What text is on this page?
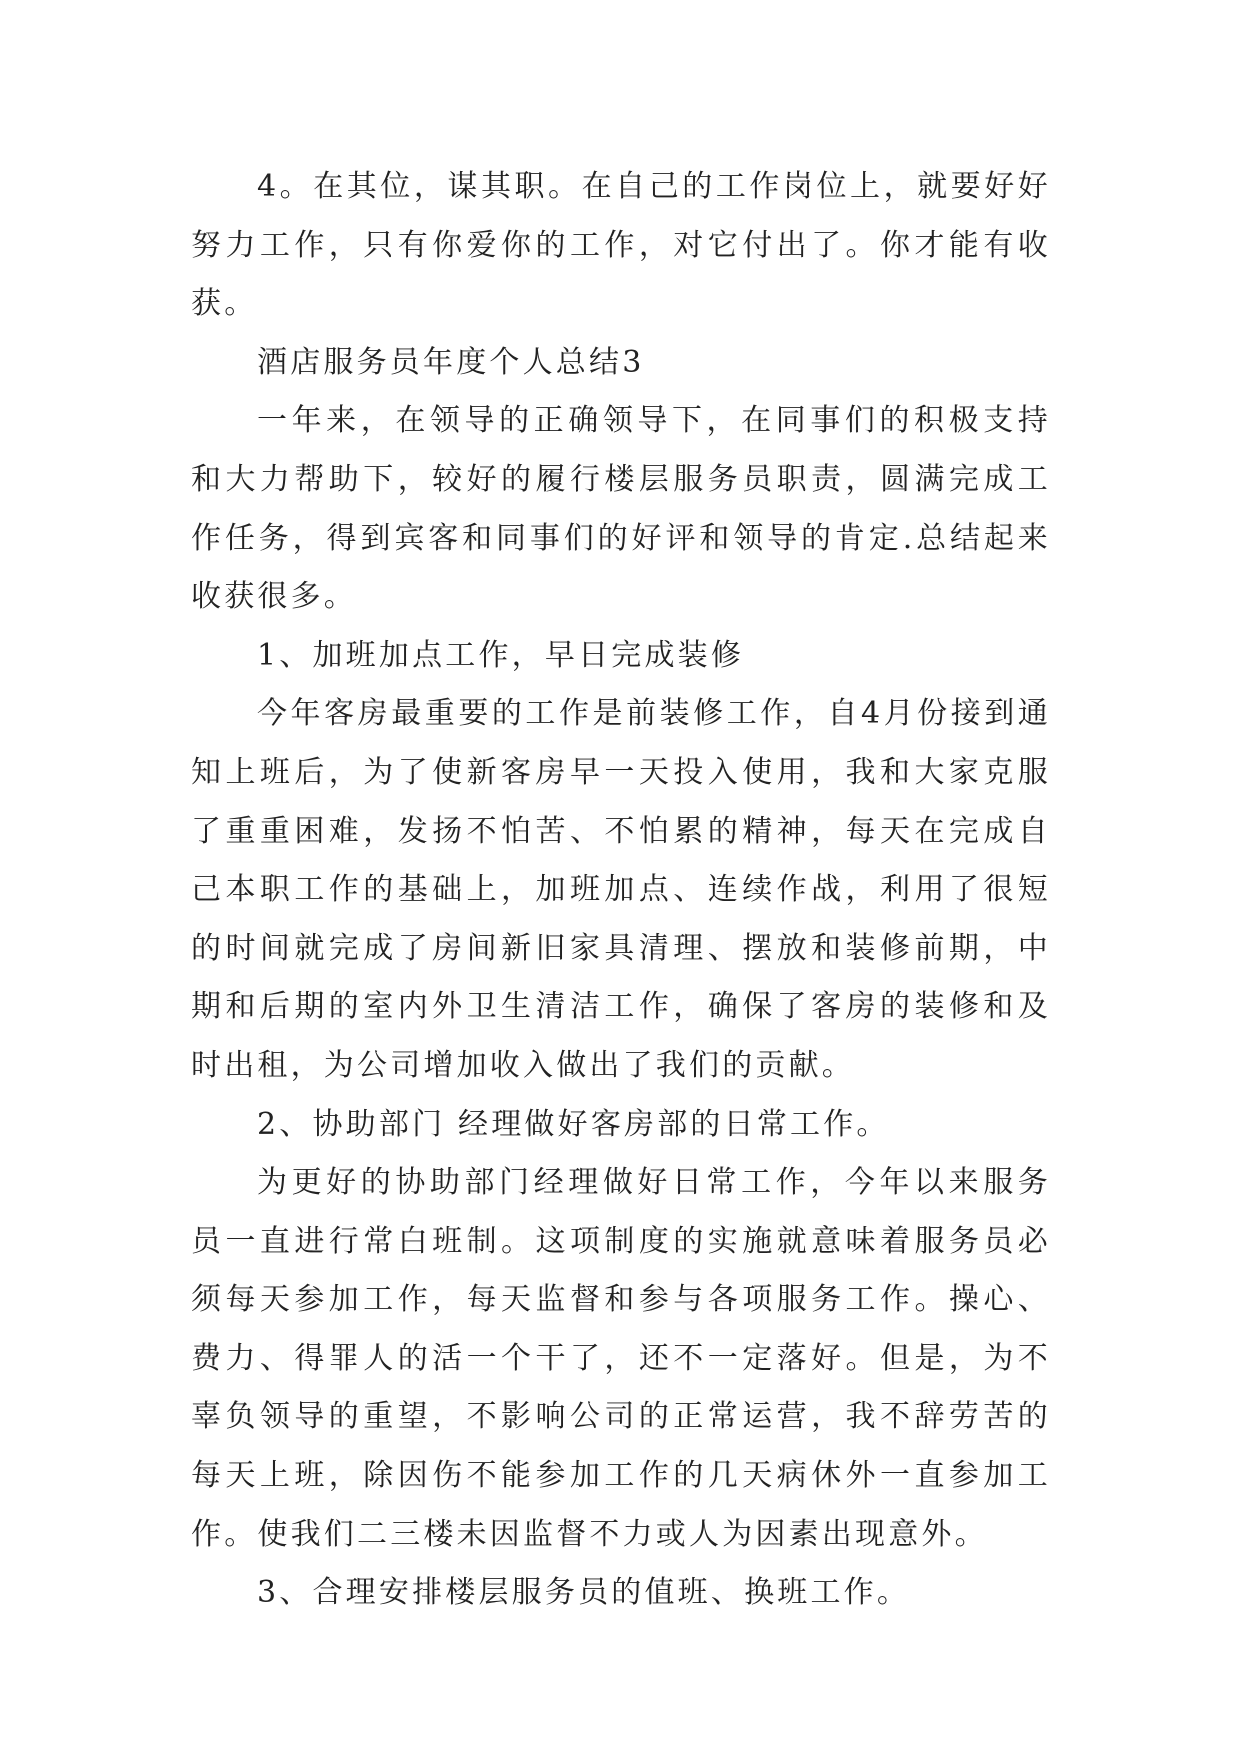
4。在其位，谋其职。在自己的工作岗位上，就要好好努力工作，只有你爱你的工作，对它付出了。你才能有收获。

酒店服务员年度个人总结3

一年来，在领导的正确领导下，在同事们的积极支持和大力帮助下，较好的履行楼层服务员职责，圆满完成工作任务，得到宾客和同事们的好评和领导的肯定.总结起来收获很多。

1、加班加点工作，早日完成装修

今年客房最重要的工作是前装修工作，自4月份接到通知上班后，为了使新客房早一天投入使用，我和大家克服了重重困难，发扬不怕苦、不怕累的精神，每天在完成自己本职工作的基础上，加班加点、连续作战，利用了很短的时间就完成了房间新旧家具清理、摆放和装修前期，中期和后期的室内外卫生清洁工作，确保了客房的装修和及时出租，为公司增加收入做出了我们的贡献。

2、协助部门 经理做好客房部的日常工作。

为更好的协助部门经理做好日常工作，今年以来服务员一直进行常白班制。这项制度的实施就意味着服务员必须每天参加工作，每天监督和参与各项服务工作。操心、费力、得罪人的活一个干了，还不一定落好。但是，为不辜负领导的重望，不影响公司的正常运营，我不辞劳苦的每天上班，除因伤不能参加工作的几天病休外一直参加工作。使我们二三楼未因监督不力或人为因素出现意外。

3、合理安排楼层服务员的值班、换班工作。
